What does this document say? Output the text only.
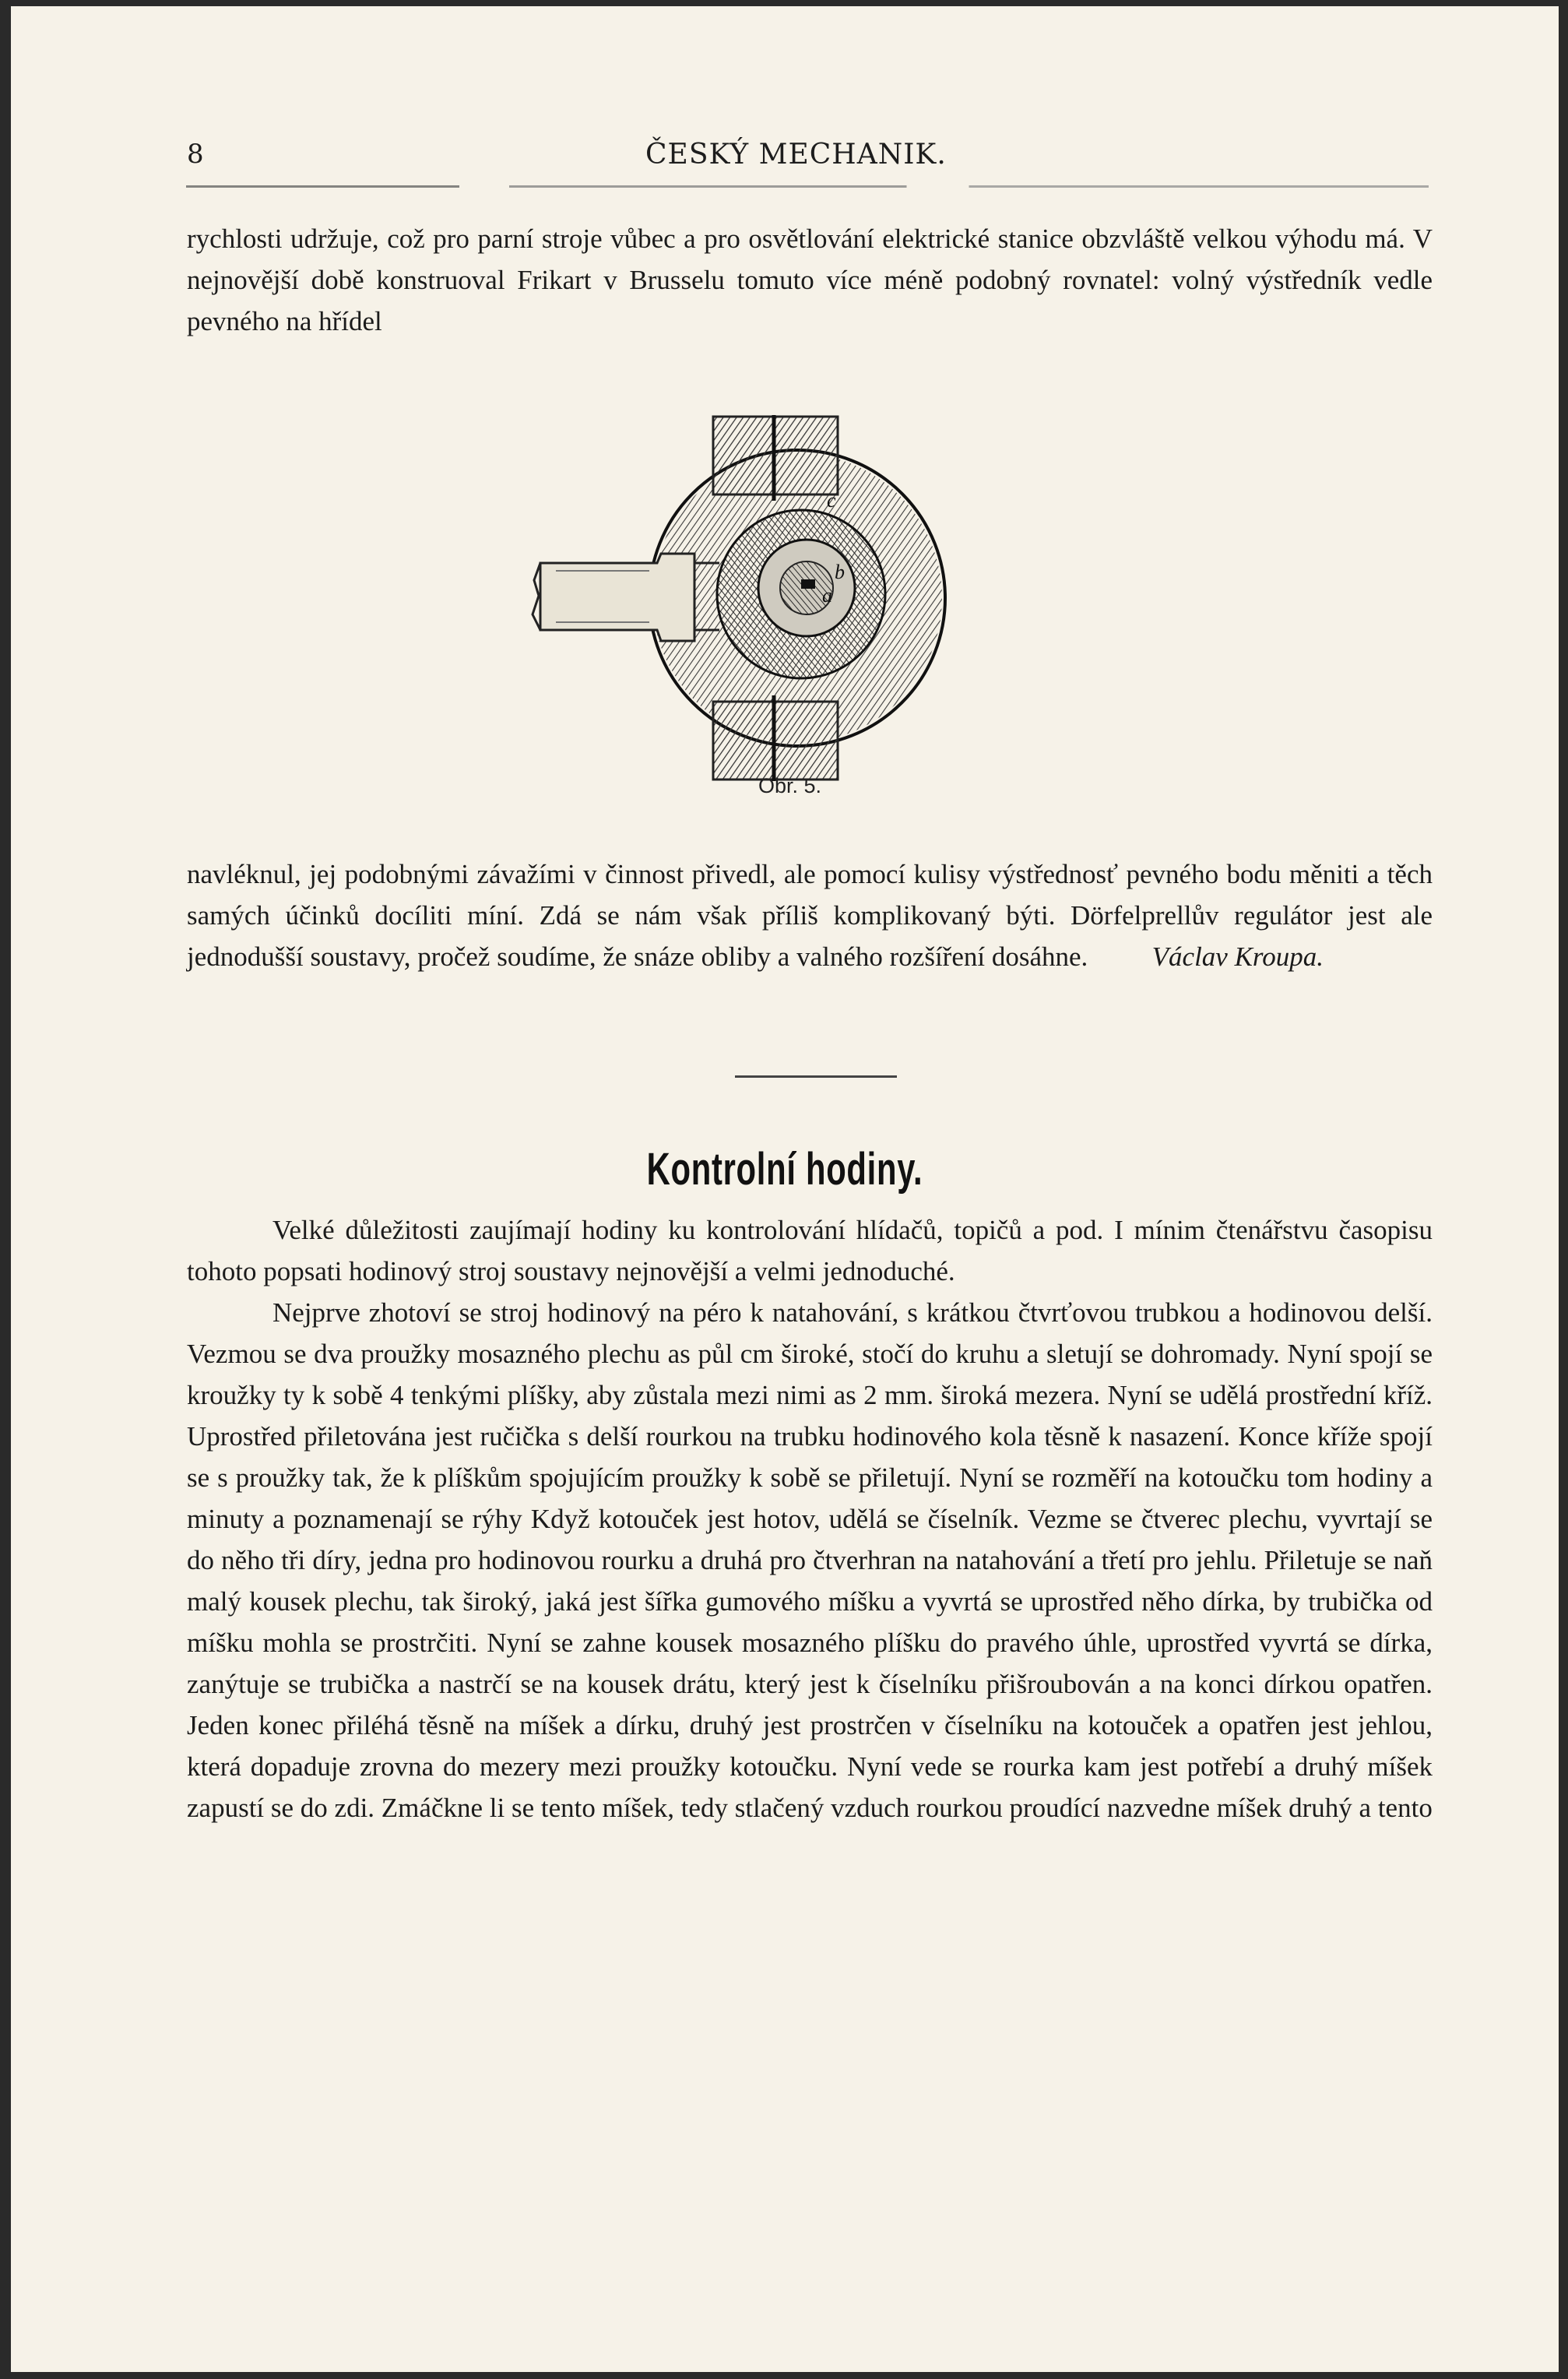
8	ČESKÝ MECHANIK.

rychlosti udržuje, což pro parní stroje vůbec a pro osvětlování elektrické stanice obzvláště velkou výhodu má. V nejnovější době konstruoval Frikart v Brusselu tomuto více méně podobný rovnatel: volný výstředník vedle pevného na hřídel

c
b
a
Obr. 5.

navléknul, jej podobnými závažími v činnost přivedl, ale pomocí kulisy výstřednosť pevného bodu měniti a těch samých účinků docíliti míní. Zdá se nám však příliš komplikovaný býti. Dörfelprellův regulátor jest ale jednodušší soustavy, pročež soudíme, že snáze obliby a valného rozšíření dosáhne. Václav Kroupa.

Kontrolní hodiny.

Velké důležitosti zaujímají hodiny ku kontrolování hlídačů, topičů a pod. I mínim čtenářstvu časopisu tohoto popsati hodinový stroj soustavy nejnovější a velmi jednoduché.

Nejprve zhotoví se stroj hodinový na péro k natahování, s krátkou čtvrťovou trubkou a hodinovou delší. Vezmou se dva proužky mosazného plechu as půl cm široké, stočí do kruhu a sletují se dohromady. Nyní spojí se kroužky ty k sobě 4 tenkými plíšky, aby zůstala mezi nimi as 2 mm. široká mezera. Nyní se udělá prostřední kříž. Uprostřed přiletována jest ručička s delší rourkou na trubku hodinového kola těsně k nasazení. Konce kříže spojí se s proužky tak, že k plíškům spojujícím proužky k sobě se přiletují. Nyní se rozměří na kotoučku tom hodiny a minuty a poznamenají se rýhy Když kotouček jest hotov, udělá se číselník. Vezme se čtverec plechu, vyvrtají se do něho tři díry, jedna pro hodinovou rourku a druhá pro čtverhran na natahování a třetí pro jehlu. Přiletuje se naň malý kousek plechu, tak široký, jaká jest šířka gumového míšku a vyvrtá se uprostřed něho dírka, by trubička od míšku mohla se prostrčiti. Nyní se zahne kousek mosazného plíšku do pravého úhle, uprostřed vyvrtá se dírka, zanýtuje se trubička a nastrčí se na kousek drátu, který jest k číselníku přišroubován a na konci dírkou opatřen. Jeden konec přiléhá těsně na míšek a dírku, druhý jest prostrčen v číselníku na kotouček a opatřen jest jehlou, která dopaduje zrovna do mezery mezi proužky kotoučku. Nyní vede se rourka kam jest potřebí a druhý míšek zapustí se do zdi. Zmáčkne li se tento míšek, tedy stlačený vzduch rourkou proudící nazvedne míšek druhý a tento
